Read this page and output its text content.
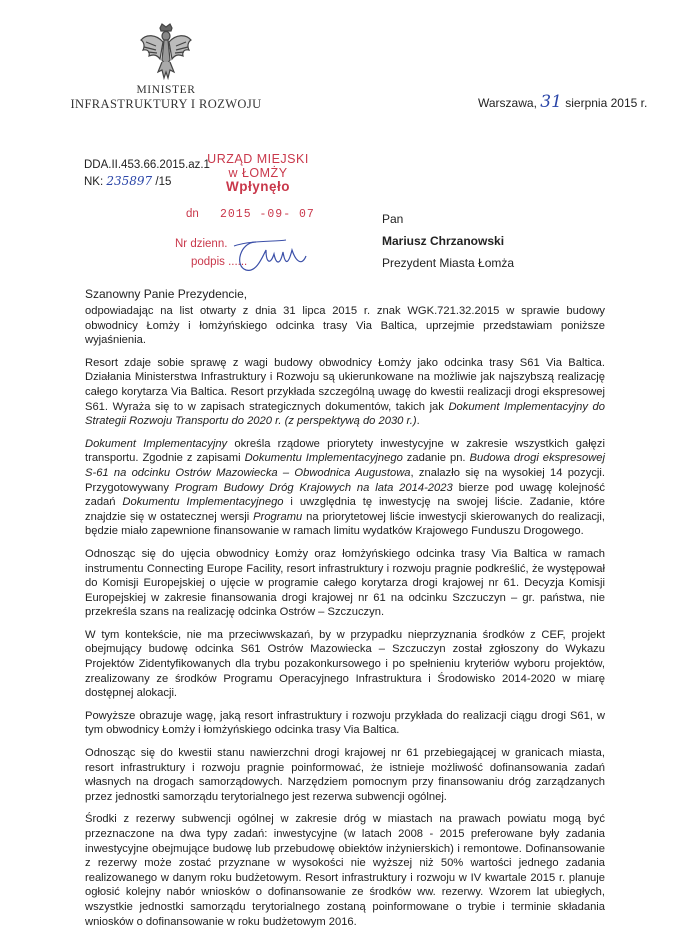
MINISTER
INFRASTRUKTURY I ROZWOJU	Warszawa, 31 sierpnia 2015 r.
DDA.II.453.66.2015.az.1
NK: 235897 /15
URZĄD MIEJSKI
w ŁOMŻY
Wpłynęło
dn 2015 -09- 07
Nr dzienn.
podpis ......
Pan
Mariusz Chrzanowski
Prezydent Miasta Łomża
Szanowny Panie Prezydencie,

odpowiadając na list otwarty z dnia 31 lipca 2015 r. znak WGK.721.32.2015 w sprawie budowy obwodnicy Łomży i łomżyńskiego odcinka trasy Via Baltica, uprzejmie przedstawiam poniższe wyjaśnienia.

Resort zdaje sobie sprawę z wagi budowy obwodnicy Łomży jako odcinka trasy S61 Via Baltica. Działania Ministerstwa Infrastruktury i Rozwoju są ukierunkowane na możliwie jak najszybszą realizację całego korytarza Via Baltica. Resort przykłada szczególną uwagę do kwestii realizacji drogi ekspresowej S61. Wyraża się to w zapisach strategicznych dokumentów, takich jak Dokument Implementacyjny do Strategii Rozwoju Transportu do 2020 r. (z perspektywą do 2030 r.).

Dokument Implementacyjny określa rządowe priorytety inwestycyjne w zakresie wszystkich gałęzi transportu. Zgodnie z zapisami Dokumentu Implementacyjnego zadanie pn. Budowa drogi ekspresowej S-61 na odcinku Ostrów Mazowiecka – Obwodnica Augustowa, znalazło się na wysokiej 14 pozycji. Przygotowywany Program Budowy Dróg Krajowych na lata 2014-2023 bierze pod uwagę kolejność zadań Dokumentu Implementacyjnego i uwzględnia tę inwestycję na swojej liście. Zadanie, które znajdzie się w ostatecznej wersji Programu na priorytetowej liście inwestycji skierowanych do realizacji, będzie miało zapewnione finansowanie w ramach limitu wydatków Krajowego Funduszu Drogowego.

Odnosząc się do ujęcia obwodnicy Łomży oraz łomżyńskiego odcinka trasy Via Baltica w ramach instrumentu Connecting Europe Facility, resort infrastruktury i rozwoju pragnie podkreślić, że występował do Komisji Europejskiej o ujęcie w programie całego korytarza drogi krajowej nr 61. Decyzja Komisji Europejskiej w zakresie finansowania drogi krajowej nr 61 na odcinku Szczuczyn – gr. państwa, nie przekreśla szans na realizację odcinka Ostrów – Szczuczyn.

W tym kontekście, nie ma przeciwwskazań, by w przypadku nieprzyznania środków z CEF, projekt obejmujący budowę odcinka S61 Ostrów Mazowiecka – Szczuczyn został zgłoszony do Wykazu Projektów Zidentyfikowanych dla trybu pozakonkursowego i po spełnieniu kryteriów wyboru projektów, zrealizowany ze środków Programu Operacyjnego Infrastruktura i Środowisko 2014-2020 w miarę dostępnej alokacji.

Powyższe obrazuje wagę, jaką resort infrastruktury i rozwoju przykłada do realizacji ciągu drogi S61, w tym obwodnicy Łomży i łomżyńskiego odcinka trasy Via Baltica.

Odnosząc się do kwestii stanu nawierzchni drogi krajowej nr 61 przebiegającej w granicach miasta, resort infrastruktury i rozwoju pragnie poinformować, że istnieje możliwość dofinansowania zadań własnych na drogach samorządowych. Narzędziem pomocnym przy finansowaniu dróg zarządzanych przez jednostki samorządu terytorialnego jest rezerwa subwencji ogólnej.

Środki z rezerwy subwencji ogólnej w zakresie dróg w miastach na prawach powiatu mogą być przeznaczone na dwa typy zadań: inwestycyjne (w latach 2008 - 2015 preferowane były zadania inwestycyjne obejmujące budowę lub przebudowę obiektów inżynierskich) i remontowe. Dofinansowanie z rezerwy może zostać przyznane w wysokości nie wyższej niż 50% wartości jednego zadania realizowanego w danym roku budżetowym. Resort infrastruktury i rozwoju w IV kwartale 2015 r. planuje ogłosić kolejny nabór wniosków o dofinansowanie ze środków ww. rezerwy. Wzorem lat ubiegłych, wszystkie jednostki samorządu terytorialnego zostaną poinformowane o trybie i terminie składania wniosków o dofinansowanie w roku budżetowym 2016.
